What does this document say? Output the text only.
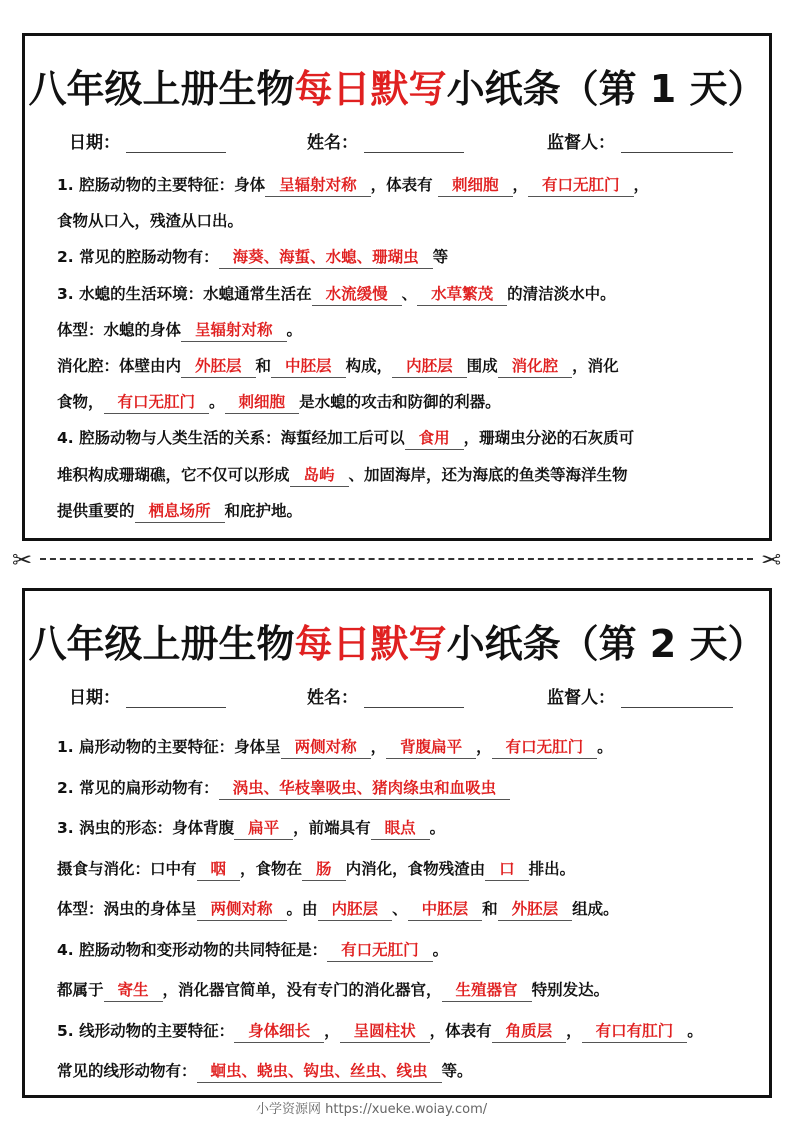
八年级上册生物每日默写小纸条（第 1 天）
日期：	姓名：	监督人：
1. 腔肠动物的主要特征：身体 呈辐射对称 ，体表有 刺细胞 ， 有口无肛门 ，
食物从口入，残渣从口出。
2. 常见的腔肠动物有： 海葵、海蜇、水螅、珊瑚虫 等
3. 水螅的生活环境：水螅通常生活在 水流缓慢 、 水草繁茂 的清洁淡水中。
体型：水螅的身体 呈辐射对称 。
消化腔：体壁由内 外胚层 和 中胚层 构成， 内胚层 围成 消化腔 ，消化
食物， 有口无肛门 。 刺细胞 是水螅的攻击和防御的利器。
4. 腔肠动物与人类生活的关系：海蜇经加工后可以 食用 ，珊瑚虫分泌的石灰质可
堆积构成珊瑚礁，它不仅可以形成 岛屿 、加固海岸，还为海底的鱼类等海洋生物
提供重要的 栖息场所 和庇护地。
✂	✂
八年级上册生物每日默写小纸条（第 2 天）
日期：	姓名：	监督人：
1. 扁形动物的主要特征：身体呈 两侧对称 ， 背腹扁平 ， 有口无肛门 。
2. 常见的扁形动物有： 涡虫、华枝睾吸虫、猪肉绦虫和血吸虫
3. 涡虫的形态：身体背腹 扁平 ，前端具有 眼点 。
摄食与消化：口中有 咽 ，食物在 肠 内消化，食物残渣由 口 排出。
体型：涡虫的身体呈 两侧对称 。由 内胚层 、 中胚层 和 外胚层 组成。
4. 腔肠动物和变形动物的共同特征是： 有口无肛门 。
都属于 寄生 ，消化器官简单，没有专门的消化器官， 生殖器官 特别发达。
5. 线形动物的主要特征： 身体细长 ， 呈圆柱状 ，体表有 角质层 ， 有口有肛门 。
常见的线形动物有： 蛔虫、蛲虫、钩虫、丝虫、线虫 等。
小学资源网 https://xueke.woiay.com/
